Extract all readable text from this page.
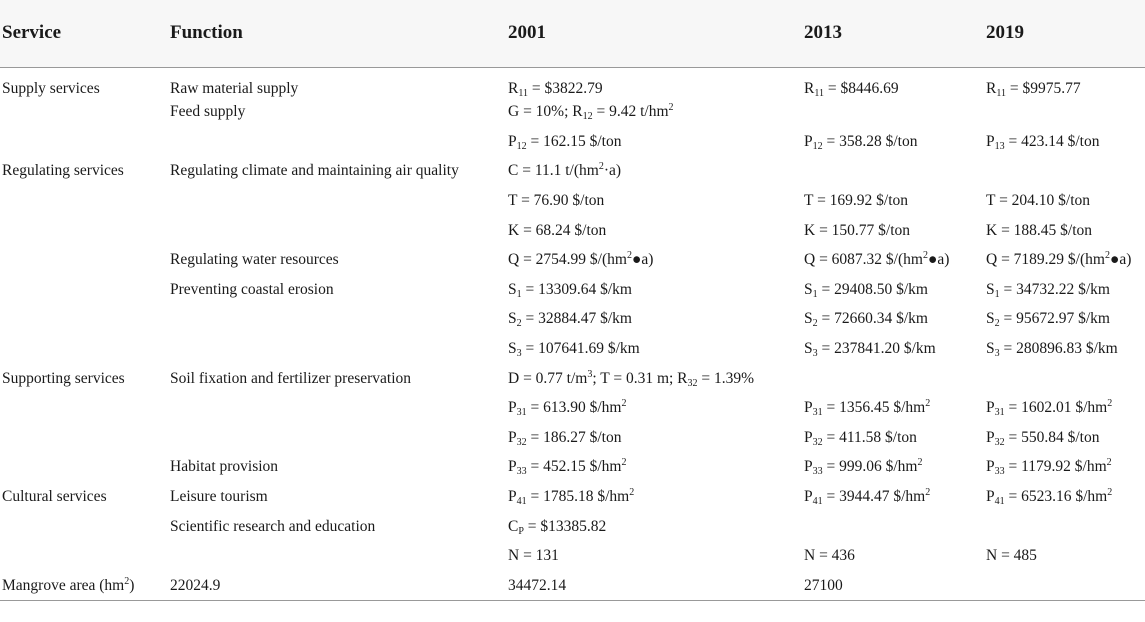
Service	Function	2001	2013	2019
Supply services	Raw material supply	$R_{11}$ = $3822.79	$R_{11}$ = $8446.69	$R_{11}$ = $9975.77
	Feed supply	G = 10%; $R_{12} = 9.42$ $t/hm^2$		
		$P_{12} = 162.15$ $/ton	$P_{12} = 358.28$ $/ton	$P_{13} = 423.14$ $/ton
Regulating services	Regulating climate and maintaining air quality	C = 11.1 $t/(hm^2\cdot a)$		
		T = 76.90 $/ton	T = 169.92 $/ton	T = 204.10 $/ton
		K = 68.24 $/ton	K = 150.77 $/ton	K = 188.45 $/ton
	Regulating water resources	Q = 2754.99 $\$/(hm^2●a)$	Q = 6087.32 $\$/(hm^2●a)$	Q = 7189.29 $\$/(hm^2●a)$
	Preventing coastal erosion	$S_1 = 13309.64$ $/km	$S_1 = 29408.50$ $/km	$S_1 = 34732.22$ $/km
		$S_2 = 32884.47$ $/km	$S_2 = 72660.34$ $/km	$S_2 = 95672.97$ $/km
		$S_3 = 107641.69$ $/km	$S_3 = 237841.20$ $/km	$S_3 = 280896.83$ $/km
Supporting services	Soil fixation and fertilizer preservation	D = 0.77 $t/m^3$; T = 0.31 m; $R_{32} = 1.39\%$		
		$P_{31} = 613.90$ $\$/hm^2$	$P_{31} = 1356.45$ $\$/hm^2$	$P_{31} = 1602.01$ $\$/hm^2$
		$P_{32} = 186.27$ $/ton	$P_{32} = 411.58$ $/ton	$P_{32} = 550.84$ $/ton
	Habitat provision	$P_{33} = 452.15$ $\$/hm^2$	$P_{33} = 999.06$ $\$/hm^2$	$P_{33} = 1179.92$ $\$/hm^2$
Cultural services	Leisure tourism	$P_{41} = 1785.18$ $\$/hm^2$	$P_{41} = 3944.47$ $\$/hm^2$	$P_{41} = 6523.16$ $\$/hm^2$
	Scientific research and education	$C_P$ = $13385.82		
		N = 131	N = 436	N = 485
Mangrove area $(hm^2)$	22024.9	34472.14	27100	
